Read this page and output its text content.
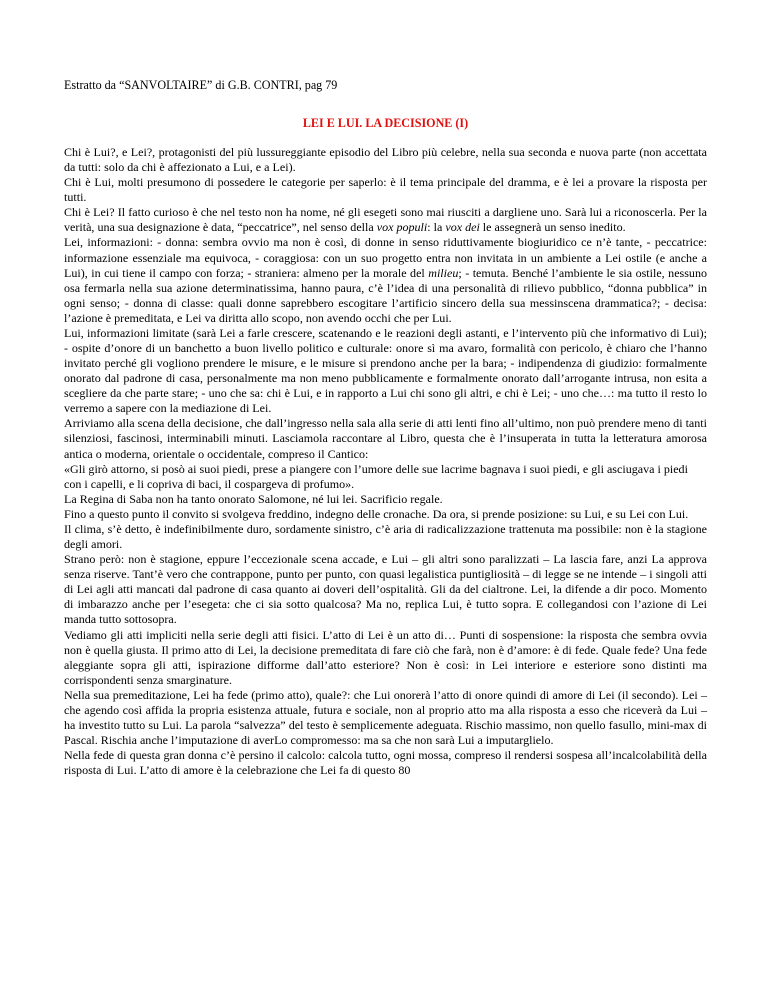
Estratto da “SANVOLTAIRE” di G.B. CONTRI, pag 79

LEI E LUI. LA DECISIONE (I)

Chi è Lui?, e Lei?, protagonisti del più lussureggiante episodio del Libro più celebre, nella sua seconda e nuova parte (non accettata da tutti: solo da chi è affezionato a Lui, e a Lei).

Chi è Lui, molti presumono di possedere le categorie per saperlo: è il tema principale del dramma, e è lei a provare la risposta per tutti.

Chi è Lei? Il fatto curioso è che nel testo non ha nome, né gli esegeti sono mai riusciti a dargliene uno. Sarà lui a riconoscerla. Per la verità, una sua designazione è data, “peccatrice”, nel senso della vox populi: la vox dei le assegnerà un senso inedito.

Lei, informazioni: - donna: sembra ovvio ma non è così, di donne in senso riduttivamente biogiuridico ce n’è tante, - peccatrice: informazione essenziale ma equivoca, - coraggiosa: con un suo progetto entra non invitata in un ambiente a Lei ostile (e anche a Lui), in cui tiene il campo con forza; - straniera: almeno per la morale del milieu; - temuta. Benché l’ambiente le sia ostile, nessuno osa fermarla nella sua azione determinatissima, hanno paura, c’è l’idea di una personalità di rilievo pubblico, “donna pubblica” in ogni senso; - donna di classe: quali donne saprebbero escogitare l’artificio sincero della sua messinscena drammatica?; - decisa: l’azione è premeditata, e Lei va diritta allo scopo, non avendo occhi che per Lui.

Lui, informazioni limitate (sarà Lei a farle crescere, scatenando e le reazioni degli astanti, e l’intervento più che informativo di Lui); - ospite d’onore di un banchetto a buon livello politico e culturale: onore sì ma avaro, formalità con pericolo, è chiaro che l’hanno invitato perché gli vogliono prendere le misure, e le misure si prendono anche per la bara; - indipendenza di giudizio: formalmente onorato dal padrone di casa, personalmente ma non meno pubblicamente e formalmente onorato dall’arrogante intrusa, non esita a scegliere da che parte stare; - uno che sa: chi è Lui, e in rapporto a Lui chi sono gli altri, e chi è Lei; - uno che…: ma tutto il resto lo verremo a sapere con la mediazione di Lei.

Arriviamo alla scena della decisione, che dall’ingresso nella sala alla serie di atti lenti fino all’ultimo, non può prendere meno di tanti silenziosi, fascinosi, interminabili minuti. Lasciamola raccontare al Libro, questa che è l’insuperata in tutta la letteratura amorosa antica o moderna, orientale o occidentale, compreso il Cantico:

«Gli girò attorno, si posò ai suoi piedi, prese a piangere con l’umore delle sue lacrime bagnava i suoi piedi, e gli asciugava i piedi con i capelli, e li copriva di baci, il cospargeva di profumo».

La Regina di Saba non ha tanto onorato Salomone, né lui lei. Sacrificio regale.

Fino a questo punto il convito si svolgeva freddino, indegno delle cronache. Da ora, si prende posizione: su Lui, e su Lei con Lui.

Il clima, s’è detto, è indefinibilmente duro, sordamente sinistro, c’è aria di radicalizzazione trattenuta ma possibile: non è la stagione degli amori.

Strano però: non è stagione, eppure l’eccezionale scena accade, e Lui – gli altri sono paralizzati – La lascia fare, anzi La approva senza riserve. Tant’è vero che contrappone, punto per punto, con quasi legalistica puntigliosità – di legge se ne intende – i singoli atti di Lei agli atti mancati dal padrone di casa quanto ai doveri dell’ospitalità. Gli da del cialtrone. Lei, la difende a dir poco. Momento di imbarazzo anche per l’esegeta: che ci sia sotto qualcosa? Ma no, replica Lui, è tutto sopra. E collegandosi con l’azione di Lei manda tutto sottosopra.

Vediamo gli atti impliciti nella serie degli atti fisici. L’atto di Lei è un atto di… Punti di sospensione: la risposta che sembra ovvia non è quella giusta. Il primo atto di Lei, la decisione premeditata di fare ciò che farà, non è d’amore: è di fede. Quale fede? Una fede aleggiante sopra gli atti, ispirazione difforme dall’atto esteriore? Non è così: in Lei interiore e esteriore sono distinti ma corrispondenti senza smarginature.

Nella sua premeditazione, Lei ha fede (primo atto), quale?: che Lui onorerà l’atto di onore quindi di amore di Lei (il secondo). Lei – che agendo così affida la propria esistenza attuale, futura e sociale, non al proprio atto ma alla risposta a esso che riceverà da Lui – ha investito tutto su Lui. La parola “salvezza” del testo è semplicemente adeguata. Rischio massimo, non quello fasullo, mini-max di Pascal. Rischia anche l’imputazione di averLo compromesso: ma sa che non sarà Lui a imputarglielo.

Nella fede di questa gran donna c’è persino il calcolo: calcola tutto, ogni mossa, compreso il rendersi sospesa all’incalcolabilità della risposta di Lui. L’atto di amore è la celebrazione che Lei fa di questo 80
